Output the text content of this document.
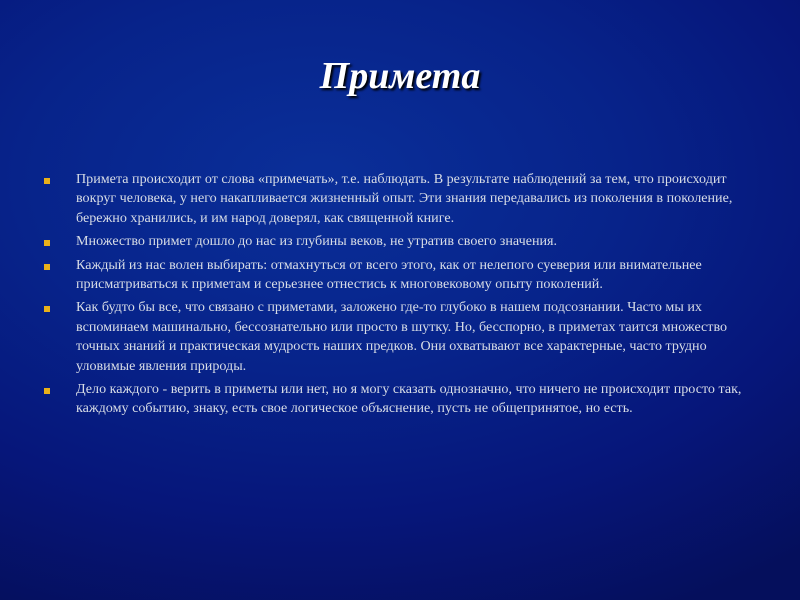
Примета
Примета происходит от слова «примечать», т.е. наблюдать. В результате наблюдений за тем, что происходит вокруг человека, у него накапливается жизненный опыт. Эти знания передавались из поколения в поколение, бережно хранились, и им народ доверял, как священной книге.
Множество примет дошло до нас из глубины веков, не утратив своего значения.
Каждый из нас волен выбирать: отмахнуться от всего этого, как от нелепого суеверия или внимательнее присматриваться к приметам и серьезнее отнестись к многовековому опыту поколений.
Как будто бы все, что связано с приметами, заложено где-то глубоко в нашем подсознании. Часто мы их вспоминаем машинально, бессознательно или просто в шутку. Но, бесспорно, в приметах таится множество точных знаний и практическая мудрость наших предков. Они охватывают все характерные, часто трудно уловимые явления природы.
Дело каждого - верить в приметы или нет, но я могу сказать однозначно, что ничего не происходит просто так, каждому событию, знаку, есть свое логическое объяснение, пусть не общепринятое, но есть.
